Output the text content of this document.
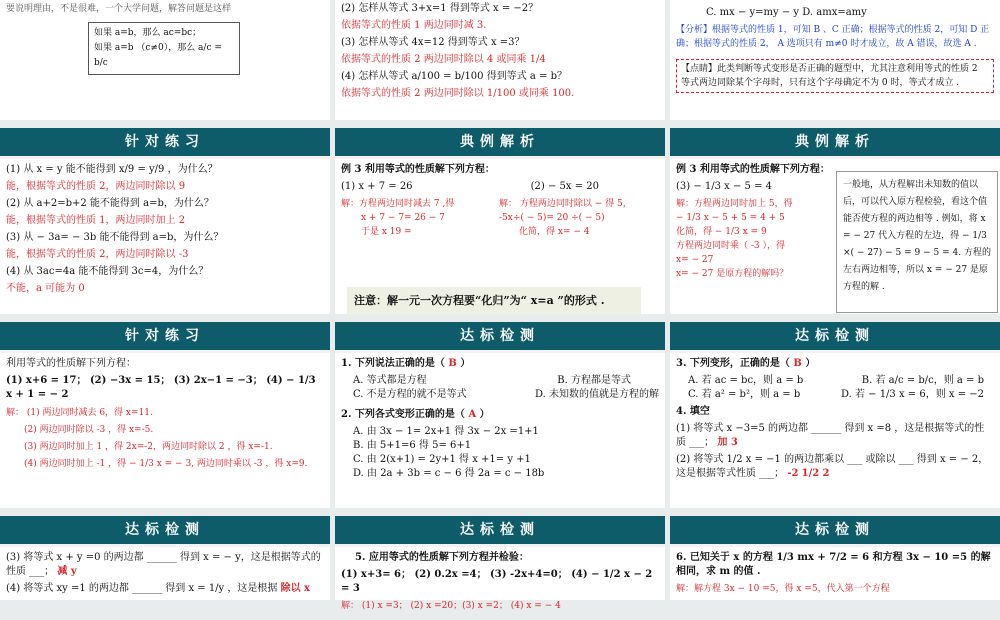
要说明理由，不是很难，一个大学问题，解答问题是这样
如果 a=b，那么 ac=bc；
如果 a=b （c≠0），那么 a/c = b/c
(2) 怎样从等式 3+x=1 得到等式 x = −2？
依据等式的性质 1 两边同时减 3.
(3) 怎样从等式 4x=12 得到等式 x =3？
依据等式的性质 2 两边同时除以 4 或同乘 1/4
(4) 怎样从等式 a/100 = b/100 得到等式 a = b？
依据等式的性质 2 两边同时除以 1/100 或同乘 100.
C. mx − y=my − y D. amx=amy
【分析】根据等式的性质 1，可知 B 、C 正确；根据等式的性质 2，可知 D 正确；根据等式的性质 2， A 选项只有 m≠0 时才成立，故 A 错误，故选 A .
【点睛】此类判断等式变形是否正确的题型中，尤其注意利用等式的性质 2 等式两边同除某个字母时，只有这个字母确定不为 0 时，等式才成立 .
针对练习
(1) 从 x = y 能不能得到 x/9 = y/9 ，为什么？
能，根据等式的性质 2，两边同时除以 9
(2) 从 a+2=b+2 能不能得到 a=b，为什么？
能，根据等式的性质 1，两边同时加上 2
(3) 从 − 3a= − 3b 能不能得到 a=b，为什么？
能，根据等式的性质 2，两边同时除以 -3
(4) 从 3ac=4a 能不能得到 3c=4，为什么？
不能，a 可能为 0
典例解析
例 3 利用等式的性质解下列方程：
(1) x + 7 = 26	(2) − 5x = 20
解：方程两边同时减去 7 ,得
x + 7 − 7= 26 − 7
于是 x 19 =
解： 方程两边同时除以 − 得 5，
-5x÷( − 5)= 20 ÷( − 5)
化简，得 x= − 4
注意：解一元一次方程要“化归”为“ x=a ”的形式 .
典例解析
例 3 利用等式的性质解下列方程：
(3) − 1/3 x − 5 = 4
解：方程两边同时加上 5，得
− 1/3 x − 5 + 5 = 4 + 5
化简，得 − 1/3 x = 9
方程两边同时乘（ -3 ），得
x= − 27
x= − 27 是原方程的解吗？
一般地，从方程解出未知数的值以后，可以代入原方程检验，看这个值能否使方程的两边相等 . 例如，将 x = − 27 代入方程的左边，得 − 1/3 ×( − 27) − 5 = 9 − 5 = 4. 方程的左右两边相等，所以 x = − 27 是原方程的解 .
针对练习
利用等式的性质解下列方程：
(1) x+6 = 17； (2) −3x = 15； (3) 2x−1 = −3； (4) − 1/3 x + 1 = − 2
解： (1) 两边同时减去 6，得 x=11.
(2) 两边同时除以 -3 ，得 x=-5.
(3) 两边同时加上 1 ，得 2x=-2，两边同时除以 2 ，得 x=-1.
(4) 两边同时加上 -1 ，得 − 1/3 x = − 3, 两边同时乘以 -3 ，得 x=9.
达标检测
1. 下列说法正确的是（ B ）
A. 等式都是方程	B. 方程都是等式
C. 不是方程的就不是等式	D. 未知数的值就是方程的解
2. 下列各式变形正确的是（ A ）
A. 由 3x − 1= 2x+1 得 3x − 2x =1+1
B. 由 5+1=6 得 5= 6+1
C. 由 2(x+1) = 2y+1 得 x +1= y +1
D. 由 2a + 3b = c − 6 得 2a = c − 18b
达标检测
3. 下列变形，正确的是（ B ）
A. 若 ac = bc，则 a = b	B. 若 a/c = b/c，则 a = b
C. 若 a² = b²，则 a = b	D. 若 − 1/3 x = 6，则 x = −2
4. 填空
(1) 将等式 x −3=5 的两边都 ______ 得到 x =8 ，这是根据等式的性质 ___； 加 3
(2) 将等式 1/2 x = −1 的两边都乘以 ___ 或除以 ___ 得到 x = − 2，这是根据等式性质 ___； -2 1/2 2
达标检测
(3) 将等式 x + y =0 的两边都 ______ 得到 x = − y，这是根据等式的性质 ___； 减 y
(4) 将等式 xy =1 的两边都 ______ 得到 x = 1/y ，这是根据 除以 x
达标检测
5. 应用等式的性质解下列方程并检验：
(1) x+3= 6； (2) 0.2x =4； (3) -2x+4=0； (4) − 1/2 x − 2 = 3
解： (1) x =3； (2) x =20；(3) x =2； (4) x = − 4
达标检测
6. 已知关于 x 的方程 1/3 mx + 7/2 = 6 和方程 3x − 10 =5 的解相同，求 m 的值 .
解：解方程 3x − 10 =5，得 x =5，代入第一个方程
